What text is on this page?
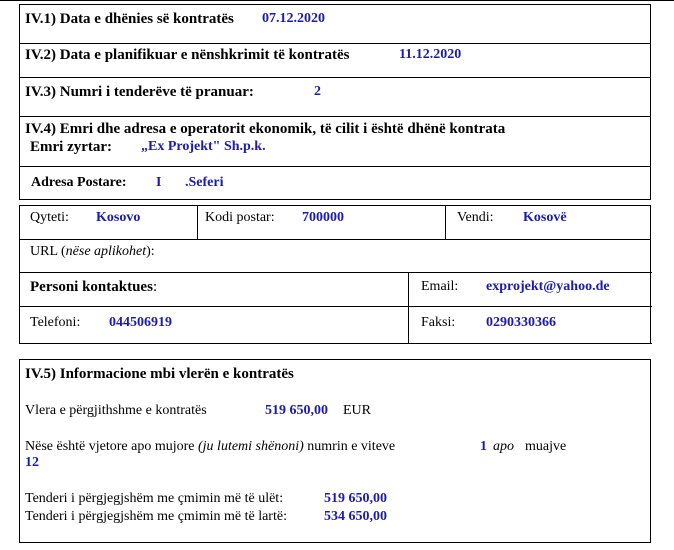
IV.1) Data e dhënies së kontratës 07.12.2020
IV.2) Data e planifikuar e nënshkrimit të kontratës	11.12.2020
IV.3) Numri i tenderëve të pranuar:	2
IV.4) Emri dhe adresa e operatorit ekonomik, të cilit i është dhënë kontrata
Emri zyrtar: „Ex Projekt" Sh.p.k.
Adresa Postare: I .Seferi
Qyteti: Kosovo	Kodi postar: 700000	Vendi: Kosovë
URL (nëse aplikohet):
Personi kontaktues:	Email: exprojekt@yahoo.de
Telefoni: 044506919	Faksi: 0290330366
IV.5) Informacione mbi vlerën e kontratës
Vlera e përgjithshme e kontratës	519 650,00 EUR
Nëse është vjetore apo mujore (ju lutemi shënoni) numrin e viteve	1 apo muajve
12
Tenderi i përgjegjshëm me çmimin më të ulët:	519 650,00
Tenderi i përgjegjshëm me çmimin më të lartë:	534 650,00
